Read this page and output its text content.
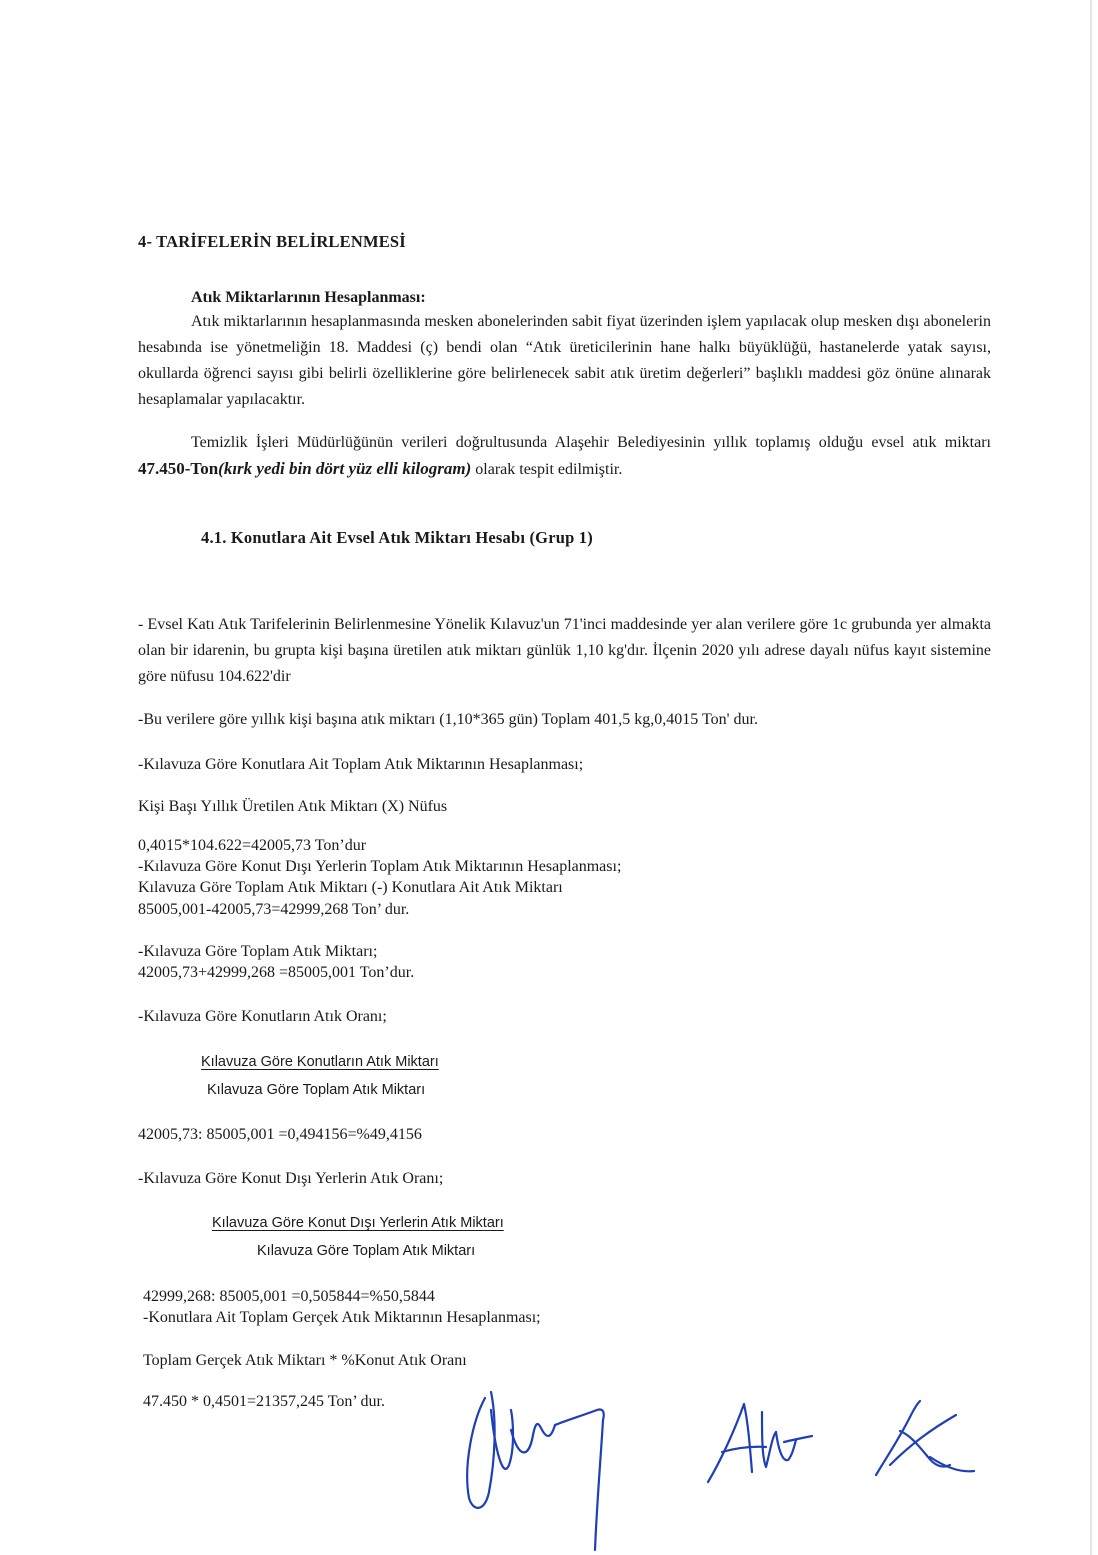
4- TARİFELERİN BELİRLENMESİ
Atık Miktarlarının Hesaplanması:

Atık miktarlarının hesaplanmasında mesken abonelerinden sabit fiyat üzerinden işlem yapılacak olup mesken dışı abonelerin hesabında ise yönetmeliğin 18. Maddesi (ç) bendi olan “Atık üreticilerinin hane halkı büyüklüğü, hastanelerde yatak sayısı, okullarda öğrenci sayısı gibi belirli özelliklerine göre belirlenecek sabit atık üretim değerleri” başlıklı maddesi göz önüne alınarak hesaplamalar yapılacaktır.

Temizlik İşleri Müdürlüğünün verileri doğrultusunda Alaşehir Belediyesinin yıllık toplamış olduğu evsel atık miktarı 47.450-Ton(kırk yedi bin dört yüz elli kilogram) olarak tespit edilmiştir.

4.1. Konutlara Ait Evsel Atık Miktarı Hesabı (Grup 1)

- Evsel Katı Atık Tarifelerinin Belirlenmesine Yönelik Kılavuz'un 71'inci maddesinde yer alan verilere göre 1c grubunda yer almakta olan bir idarenin, bu grupta kişi başına üretilen atık miktarı günlük 1,10 kg'dır. İlçenin 2020 yılı adrese dayalı nüfus kayıt sistemine göre nüfusu 104.622'dir

-Bu verilere göre yıllık kişi başına atık miktarı (1,10*365 gün) Toplam 401,5 kg,0,4015 Ton' dur.
-Kılavuza Göre Konutlara Ait Toplam Atık Miktarının Hesaplanması;
Kişi Başı Yıllık Üretilen Atık Miktarı (X) Nüfus
0,4015*104.622=42005,73 Ton’dur
-Kılavuza Göre Konut Dışı Yerlerin Toplam Atık Miktarının Hesaplanması;
Kılavuza Göre Toplam Atık Miktarı (-) Konutlara Ait Atık Miktarı
85005,001-42005,73=42999,268 Ton’ dur.
-Kılavuza Göre Toplam Atık Miktarı;
42005,73+42999,268 =85005,001 Ton’dur.
-Kılavuza Göre Konutların Atık Oranı;
Kılavuza Göre Konutların Atık Miktarı
Kılavuza Göre Toplam Atık Miktarı
42005,73: 85005,001 =0,494156=%49,4156
-Kılavuza Göre Konut Dışı Yerlerin Atık Oranı;
Kılavuza Göre Konut Dışı Yerlerin Atık Miktarı
Kılavuza Göre Toplam Atık Miktarı
42999,268: 85005,001 =0,505844=%50,5844
-Konutlara Ait Toplam Gerçek Atık Miktarının Hesaplanması;
Toplam Gerçek Atık Miktarı * %Konut Atık Oranı
47.450 * 0,4501=21357,245 Ton’ dur.
